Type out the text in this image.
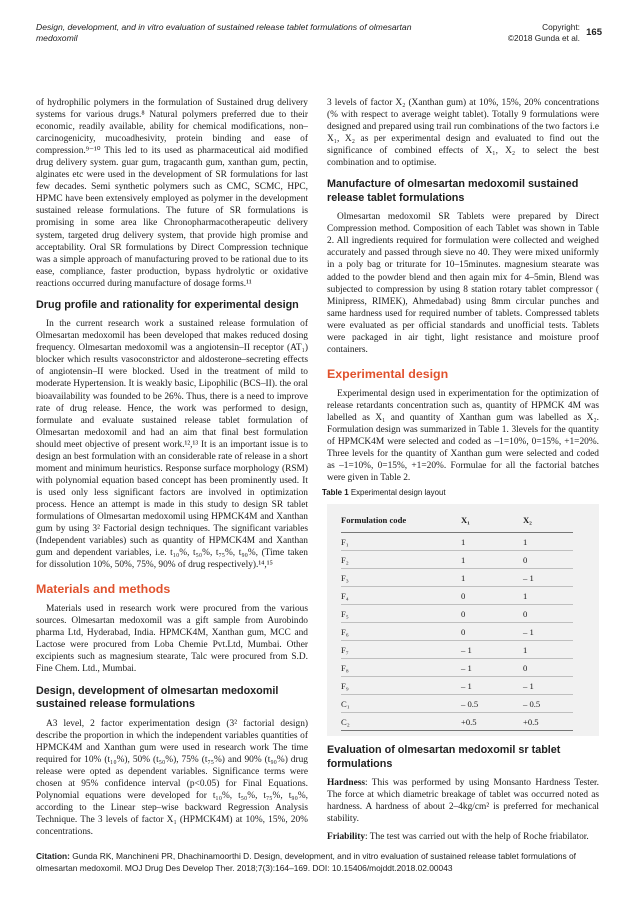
Design, development, and in vitro evaluation of sustained release tablet formulations of olmesartan medoxomil
Copyright:
©2018 Gunda et al. 165

of hydrophilic polymers in the formulation of Sustained drug delivery systems for various drugs.⁸ Natural polymers preferred due to their economic, readily available, ability for chemical modifications, non–carcinogenicity, mucoadhesivity, protein binding and ease of compression.⁹⁻¹⁰ This led to its used as pharmaceutical aid modified drug delivery system. guar gum, tragacanth gum, xanthan gum, pectin, alginates etc were used in the development of SR formulations for last few decades. Semi synthetic polymers such as CMC, SCMC, HPC, HPMC have been extensively employed as polymer in the development sustained release formulations. The future of SR formulations is promising in some area like Chronopharmacotherapeutic delivery system, targeted drug delivery system, that provide high promise and acceptability. Oral SR formulations by Direct Compression technique was a simple approach of manufacturing proved to be rational due to its ease, compliance, faster production, bypass hydrolytic or oxidative reactions occurred during manufacture of dosage forms.¹¹

Drug profile and rationality for experimental design

In the current research work a sustained release formulation of Olmesartan medoxomil has been developed that makes reduced dosing frequency. Olmesartan medoxomil was a angiotensin–II receptor (AT₁) blocker which results vasoconstrictor and aldosterone–secreting effects of angiotensin–II were blocked. Used in the treatment of mild to moderate Hypertension. It is weakly basic, Lipophilic (BCS–II). the oral bioavailability was founded to be 26%. Thus, there is a need to improve rate of drug release. Hence, the work was performed to design, formulate and evaluate sustained release tablet formulation of Olmesartan medoxomil and had an aim that final best formulation should meet objective of present work.¹²,¹³ It is an important issue is to design an best formulation with an considerable rate of release in a short moment and minimum heuristics. Response surface morphology (RSM) with polynomial equation based concept has been prominently used. It is used only less significant factors are involved in optimization process. Hence an attempt is made in this study to design SR tablet formulations of Olmesartan medoxomil using HPMCK4M and Xanthan gum by using 3² Factorial design techniques. The significant variables (Independent variables) such as quantity of HPMCK4M and Xanthan gum and dependent variables, i.e. t₁₀%, t₅₀%, t₇₅%, t₉₀%, (Time taken for dissolution 10%, 50%, 75%, 90% of drug respectively).¹⁴,¹⁵

Materials and methods

Materials used in research work were procured from the various sources. Olmesartan medoxomil was a gift sample from Aurobindo pharma Ltd, Hyderabad, India. HPMCK4M, Xanthan gum, MCC and Lactose were procured from Loba Chemie Pvt.Ltd, Mumbai. Other excipients such as magnesium stearate, Talc were procured from S.D. Fine Chem. Ltd., Mumbai.

Design, development of olmesartan medoxomil sustained release formulations

A3 level, 2 factor experimentation design (3² factorial design) describe the proportion in which the independent variables quantities of HPMCK4M and Xanthan gum were used in research work The time required for 10% (t₁₀%), 50% (t₅₀%), 75% (t₇₅%) and 90% (t₉₀%) drug release were opted as dependent variables. Significance terms were chosen at 95% confidence interval (p<0.05) for Final Equations. Polynomial equations were developed for t₁₀%, t₅₀%, t₇₅%, t₉₀%, according to the Linear step–wise backward Regression Analysis Technique. The 3 levels of factor X₁ (HPMCK4M) at 10%, 15%, 20% concentrations.

3 levels of factor X₂ (Xanthan gum) at 10%, 15%, 20% concentrations (% with respect to average weight tablet). Totally 9 formulations were designed and prepared using trail run combinations of the two factors i.e X₁, X₂ as per experimental design and evaluated to find out the significance of combined effects of X₁, X₂ to select the best combination and to optimise.

Manufacture of olmesartan medoxomil sustained release tablet formulations

Olmesartan medoxomil SR Tablets were prepared by Direct Compression method. Composition of each Tablet was shown in Table 2. All ingredients required for formulation were collected and weighed accurately and passed through sieve no 40. They were mixed uniformly in a poly bag or triturate for 10–15minutes. magnesium stearate was added to the powder blend and then again mix for 4–5min, Blend was subjected to compression by using 8 station rotary tablet compressor ( Minipress, RIMEK), Ahmedabad) using 8mm circular punches and same hardness used for required number of tablets. Compressed tablets were evaluated as per official standards and unofficial tests. Tablets were packaged in air tight, light resistance and moisture proof containers.

Experimental design

Experimental design used in experimentation for the optimization of release retardants concentration such as, quantity of HPMCK 4M was labelled as X₁ and quantity of Xanthan gum was labelled as X₂. Formulation design was summarized in Table 1. 3levels for the quantity of HPMCK4M were selected and coded as –1=10%, 0=15%, +1=20%. Three levels for the quantity of Xanthan gum were selected and coded as –1=10%, 0=15%, +1=20%. Formulae for all the factorial batches were given in Table 2.

Table 1 Experimental design layout
Formulation code	X₁	X₂
F₁	1	1
F₂	1	0
F₃	1	– 1
F₄	0	1
F₅	0	0
F₆	0	– 1
F₇	– 1	1
F₈	– 1	0
F₉	– 1	– 1
C₁	– 0.5	– 0.5
C₂	+0.5	+0.5
Evaluation of olmesartan medoxomil sr tablet formulations

Hardness: This was performed by using Monsanto Hardness Tester. The force at which diametric breakage of tablet was occurred noted as hardness. A hardness of about 2–4kg/cm² is preferred for mechanical stability.

Friability: The test was carried out with the help of Roche friabilator.

Citation: Gunda RK, Manchineni PR, Dhachinamoorthi D. Design, development, and in vitro evaluation of sustained release tablet formulations of olmesartan medoxomil. MOJ Drug Des Develop Ther. 2018;7(3):164–169. DOI: 10.15406/mojddt.2018.02.00043
